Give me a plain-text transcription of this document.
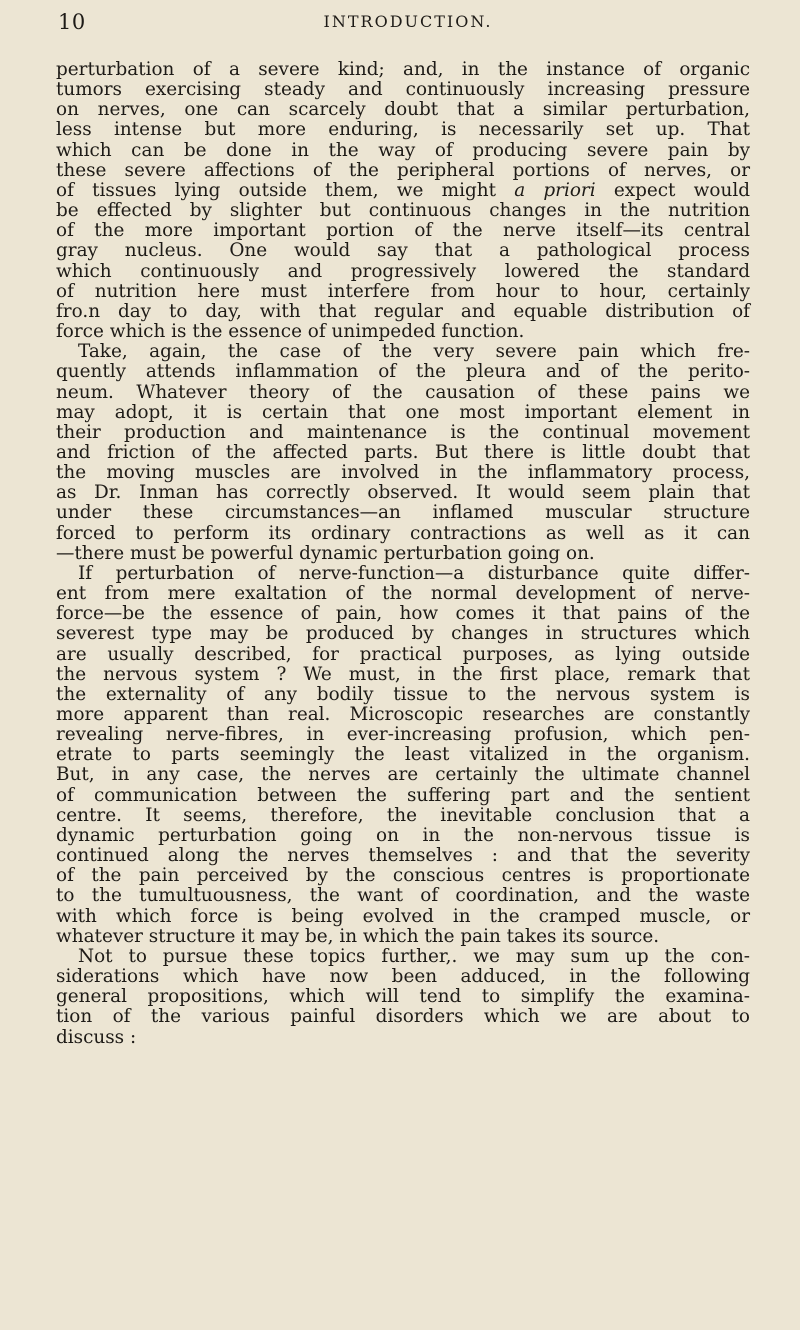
10	INTRODUCTION.

perturbation of a severe kind; and, in the instance of organic
tumors exercising steady and continuously increasing pressure
on nerves, one can scarcely doubt that a similar perturbation,
less intense but more enduring, is necessarily set up. That
which can be done in the way of producing severe pain by
these severe affections of the peripheral portions of nerves, or
of tissues lying outside them, we might a priori expect would
be effected by slighter but continuous changes in the nutrition
of the more important portion of the nerve itself—its central
gray nucleus. One would say that a pathological process
which continuously and progressively lowered the standard
of nutrition here must interfere from hour to hour, certainly
fro.n day to day, with that regular and equable distribution of
force which is the essence of unimpeded function.

Take, again, the case of the very severe pain which fre-
quently attends inflammation of the pleura and of the perito-
neum. Whatever theory of the causation of these pains we
may adopt, it is certain that one most important element in
their production and maintenance is the continual movement
and friction of the affected parts. But there is little doubt that
the moving muscles are involved in the inflammatory process,
as Dr. Inman has correctly observed. It would seem plain that
under these circumstances—an inflamed muscular structure
forced to perform its ordinary contractions as well as it can
—there must be powerful dynamic perturbation going on.

If perturbation of nerve-function—a disturbance quite differ-
ent from mere exaltation of the normal development of nerve-
force—be the essence of pain, how comes it that pains of the
severest type may be produced by changes in structures which
are usually described, for practical purposes, as lying outside
the nervous system ? We must, in the first place, remark that
the externality of any bodily tissue to the nervous system is
more apparent than real. Microscopic researches are constantly
revealing nerve-fibres, in ever-increasing profusion, which pen-
etrate to parts seemingly the least vitalized in the organism.
But, in any case, the nerves are certainly the ultimate channel
of communication between the suffering part and the sentient
centre. It seems, therefore, the inevitable conclusion that a
dynamic perturbation going on in the non-nervous tissue is
continued along the nerves themselves : and that the severity
of the pain perceived by the conscious centres is proportionate
to the tumultuousness, the want of coordination, and the waste
with which force is being evolved in the cramped muscle, or
whatever structure it may be, in which the pain takes its source.

Not to pursue these topics further,. we may sum up the con-
siderations which have now been adduced, in the following
general propositions, which will tend to simplify the examina-
tion of the various painful disorders which we are about to
discuss :
